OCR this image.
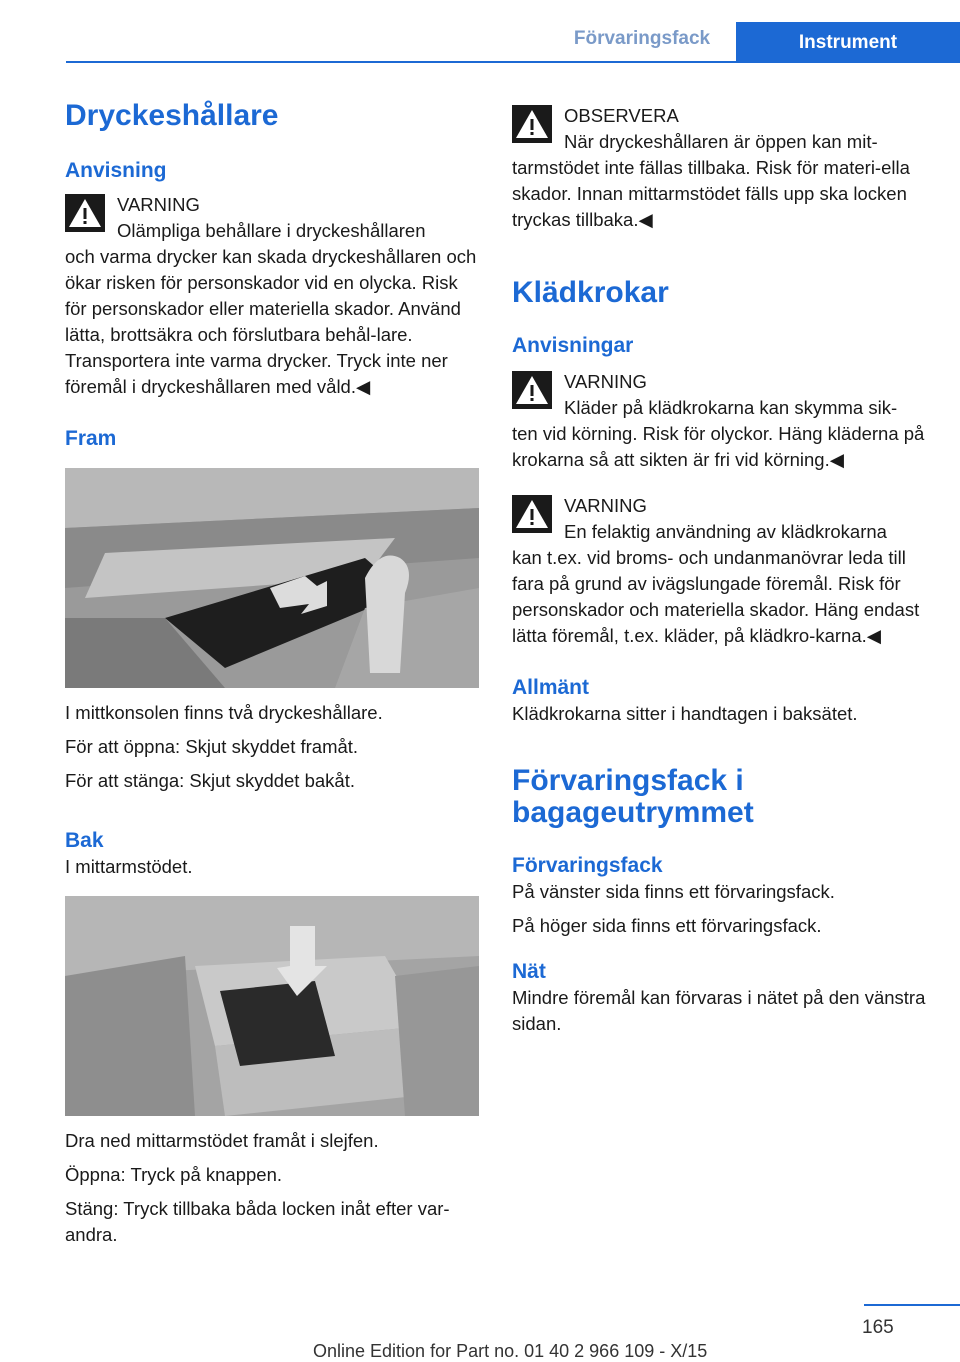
Förvaringsfack	Instrument
Dryckeshållare
Anvisning

VARNING

Olämpliga behållare i dryckeshållaren

och varma drycker kan skada dryckeshållaren och ökar risken för personskador vid en olycka. Risk för personskador eller materiella skador. Använd lätta, brottsäkra och förslutbara behål‐lare. Transportera inte varma drycker. Tryck inte ner föremål i dryckeshållaren med våld.◀

Fram

I mittkonsolen finns två dryckeshållare.

För att öppna: Skjut skyddet framåt.

För att stänga: Skjut skyddet bakåt.

Bak

I mittarmstödet.

Dra ned mittarmstödet framåt i slejfen.

Öppna: Tryck på knappen.

Stäng: Tryck tillbaka båda locken inåt efter var‐andra.

OBSERVERA

När dryckeshållaren är öppen kan mit‐

tarmstödet inte fällas tillbaka. Risk för materi‐ella skador. Innan mittarmstödet fälls upp ska locken tryckas tillbaka.◀

Klädkrokar
Anvisningar

VARNING

Kläder på klädkrokarna kan skymma sik‐

ten vid körning. Risk för olyckor. Häng kläderna på krokarna så att sikten är fri vid körning.◀

VARNING

En felaktig användning av klädkrokarna

kan t.ex. vid broms- och undanmanövrar leda till fara på grund av ivägslungade föremål. Risk för personskador och materiella skador. Häng endast lätta föremål, t.ex. kläder, på klädkro‐karna.◀

Allmänt

Klädkrokarna sitter i handtagen i baksätet.

Förvaringsfack i bagageutrymmet
Förvaringsfack

På vänster sida finns ett förvaringsfack.

På höger sida finns ett förvaringsfack.

Nät

Mindre föremål kan förvaras i nätet på den vänstra sidan.

165
Online Edition for Part no. 01 40 2 966 109 - X/15
